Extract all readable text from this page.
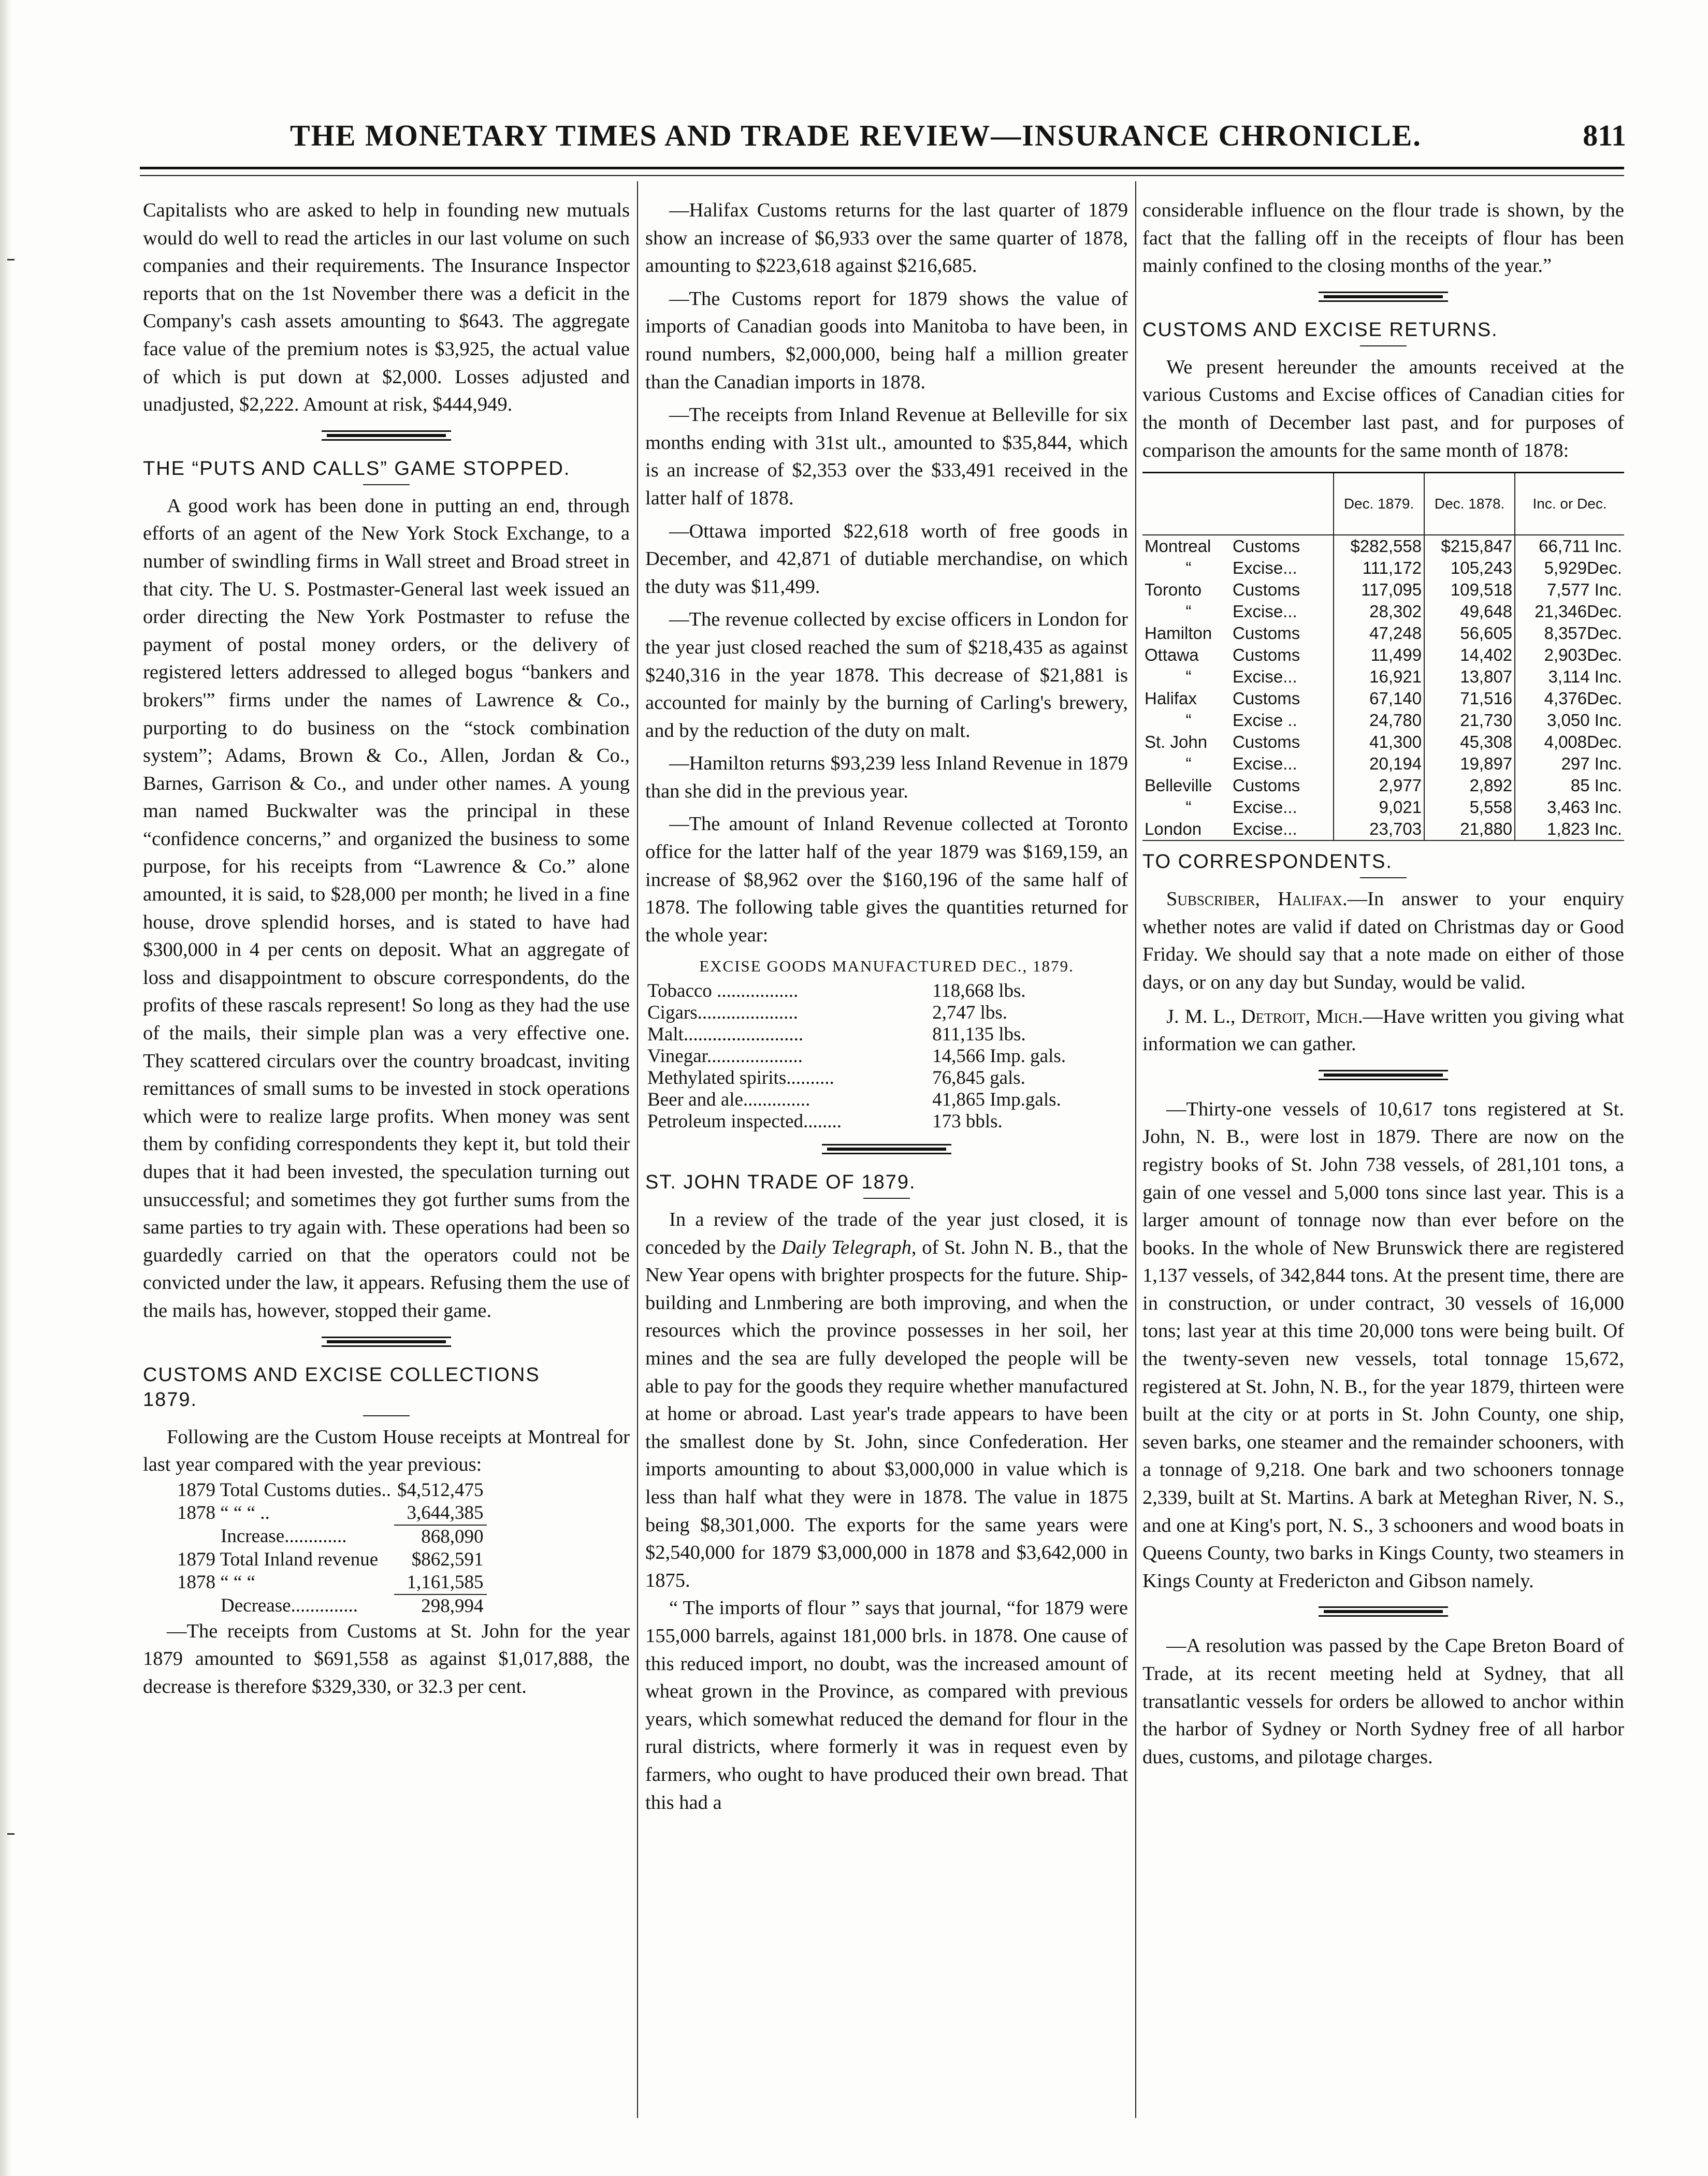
THE MONETARY TIMES AND TRADE REVIEW—INSURANCE CHRONICLE.	811

Capitalists who are asked to help in founding new mutuals would do well to read the articles in our last volume on such companies and their requirements. The Insurance Inspector reports that on the 1st November there was a deficit in the Company's cash assets amounting to $643. The aggregate face value of the premium notes is $3,925, the actual value of which is put down at $2,000. Losses adjusted and unadjusted, $2,222. Amount at risk, $444,949.

THE “PUTS AND CALLS” GAME STOPPED.

A good work has been done in putting an end, through efforts of an agent of the New York Stock Exchange, to a number of swindling firms in Wall street and Broad street in that city. The U. S. Postmaster-General last week issued an order directing the New York Postmaster to refuse the payment of postal money orders, or the delivery of registered letters addressed to alleged bogus “bankers and brokers'” firms under the names of Lawrence & Co., purporting to do business on the “stock combination system”; Adams, Brown & Co., Allen, Jordan & Co., Barnes, Garrison & Co., and under other names. A young man named Buckwalter was the principal in these “confidence concerns,” and organized the business to some purpose, for his receipts from “Lawrence & Co.” alone amounted, it is said, to $28,000 per month; he lived in a fine house, drove splendid horses, and is stated to have had $300,000 in 4 per cents on deposit. What an aggregate of loss and disappointment to obscure correspondents, do the profits of these rascals represent! So long as they had the use of the mails, their simple plan was a very effective one. They scattered circulars over the country broadcast, inviting remittances of small sums to be invested in stock operations which were to realize large profits. When money was sent them by confiding correspondents they kept it, but told their dupes that it had been invested, the speculation turning out unsuccessful; and sometimes they got further sums from the same parties to try again with. These operations had been so guardedly carried on that the operators could not be convicted under the law, it appears. Refusing them the use of the mails has, however, stopped their game.

CUSTOMS AND EXCISE COLLECTIONS

1879.

Following are the Custom House receipts at Montreal for last year compared with the year previous:

1879 Total Customs duties..	$4,512,475
1878 “ “ “ ..	3,644,385
Increase.............	868,090
1879 Total Inland revenue	$862,591
1878 “ “ “	1,161,585
Decrease..............	298,994

—The receipts from Customs at St. John for the year 1879 amounted to $691,558 as against $1,017,888, the decrease is therefore $329,330, or 32.3 per cent.

—Halifax Customs returns for the last quarter of 1879 show an increase of $6,933 over the same quarter of 1878, amounting to $223,618 against $216,685.

—The Customs report for 1879 shows the value of imports of Canadian goods into Manitoba to have been, in round numbers, $2,000,000, being half a million greater than the Canadian imports in 1878.

—The receipts from Inland Revenue at Belleville for six months ending with 31st ult., amounted to $35,844, which is an increase of $2,353 over the $33,491 received in the latter half of 1878.

—Ottawa imported $22,618 worth of free goods in December, and 42,871 of dutiable merchandise, on which the duty was $11,499.

—The revenue collected by excise officers in London for the year just closed reached the sum of $218,435 as against $240,316 in the year 1878. This decrease of $21,881 is accounted for mainly by the burning of Carling's brewery, and by the reduction of the duty on malt.

—Hamilton returns $93,239 less Inland Revenue in 1879 than she did in the previous year.

—The amount of Inland Revenue collected at Toronto office for the latter half of the year 1879 was $169,159, an increase of $8,962 over the $160,196 of the same half of 1878. The following table gives the quantities returned for the whole year:

EXCISE GOODS MANUFACTURED DEC., 1879.

Tobacco .................	118,668 lbs.
Cigars.....................	2,747 lbs.
Malt.........................	811,135 lbs.
Vinegar....................	14,566 Imp. gals.
Methylated spirits..........	76,845 gals.
Beer and ale..............	41,865 Imp.gals.
Petroleum inspected........	173 bbls.

ST. JOHN TRADE OF 1879.

In a review of the trade of the year just closed, it is conceded by the Daily Telegraph, of St. John N. B., that the New Year opens with brighter prospects for the future. Ship-building and Lnmbering are both improving, and when the resources which the province possesses in her soil, her mines and the sea are fully developed the people will be able to pay for the goods they require whether manufactured at home or abroad. Last year's trade appears to have been the smallest done by St. John, since Confederation. Her imports amounting to about $3,000,000 in value which is less than half what they were in 1878. The value in 1875 being $8,301,000. The exports for the same years were $2,540,000 for 1879 $3,000,000 in 1878 and $3,642,000 in 1875.

“ The imports of flour ” says that journal, “for 1879 were 155,000 barrels, against 181,000 brls. in 1878. One cause of this reduced import, no doubt, was the increased amount of wheat grown in the Province, as compared with previous years, which somewhat reduced the demand for flour in the rural districts, where formerly it was in request even by farmers, who ought to have produced their own bread. That this had a

considerable influence on the flour trade is shown, by the fact that the falling off in the receipts of flour has been mainly confined to the closing months of the year.”

CUSTOMS AND EXCISE RETURNS.

We present hereunder the amounts received at the various Customs and Excise offices of Canadian cities for the month of December last past, and for purposes of comparison the amounts for the same month of 1878:

	Dec. 1879.	Dec. 1878.	Inc. or Dec.
Montreal Customs	$282,558	$215,847	66,711 Inc.
“ Excise...	111,172	105,243	5,929Dec.
Toronto Customs	117,095	109,518	7,577 Inc.
“ Excise...	28,302	49,648	21,346Dec.
Hamilton Customs	47,248	56,605	8,357Dec.
Ottawa Customs	11,499	14,402	2,903Dec.
“ Excise...	16,921	13,807	3,114 Inc.
Halifax Customs	67,140	71,516	4,376Dec.
“ Excise ..	24,780	21,730	3,050 Inc.
St. John Customs	41,300	45,308	4,008Dec.
“ Excise...	20,194	19,897	297 Inc.
Belleville Customs	2,977	2,892	85 Inc.
“ Excise...	9,021	5,558	3,463 Inc.
London Excise...	23,703	21,880	1,823 Inc.

TO CORRESPONDENTS.

Subscriber, Halifax.—In answer to your enquiry whether notes are valid if dated on Christmas day or Good Friday. We should say that a note made on either of those days, or on any day but Sunday, would be valid.

J. M. L., Detroit, Mich.—Have written you giving what information we can gather.

—Thirty-one vessels of 10,617 tons registered at St. John, N. B., were lost in 1879. There are now on the registry books of St. John 738 vessels, of 281,101 tons, a gain of one vessel and 5,000 tons since last year. This is a larger amount of tonnage now than ever before on the books. In the whole of New Brunswick there are registered 1,137 vessels, of 342,844 tons. At the present time, there are in construction, or under contract, 30 vessels of 16,000 tons; last year at this time 20,000 tons were being built. Of the twenty-seven new vessels, total tonnage 15,672, registered at St. John, N. B., for the year 1879, thirteen were built at the city or at ports in St. John County, one ship, seven barks, one steamer and the remainder schooners, with a tonnage of 9,218. One bark and two schooners tonnage 2,339, built at St. Martins. A bark at Meteghan River, N. S., and one at King's port, N. S., 3 schooners and wood boats in Queens County, two barks in Kings County, two steamers in Kings County at Fredericton and Gibson namely.

—A resolution was passed by the Cape Breton Board of Trade, at its recent meeting held at Sydney, that all transatlantic vessels for orders be allowed to anchor within the harbor of Sydney or North Sydney free of all harbor dues, customs, and pilotage charges.
